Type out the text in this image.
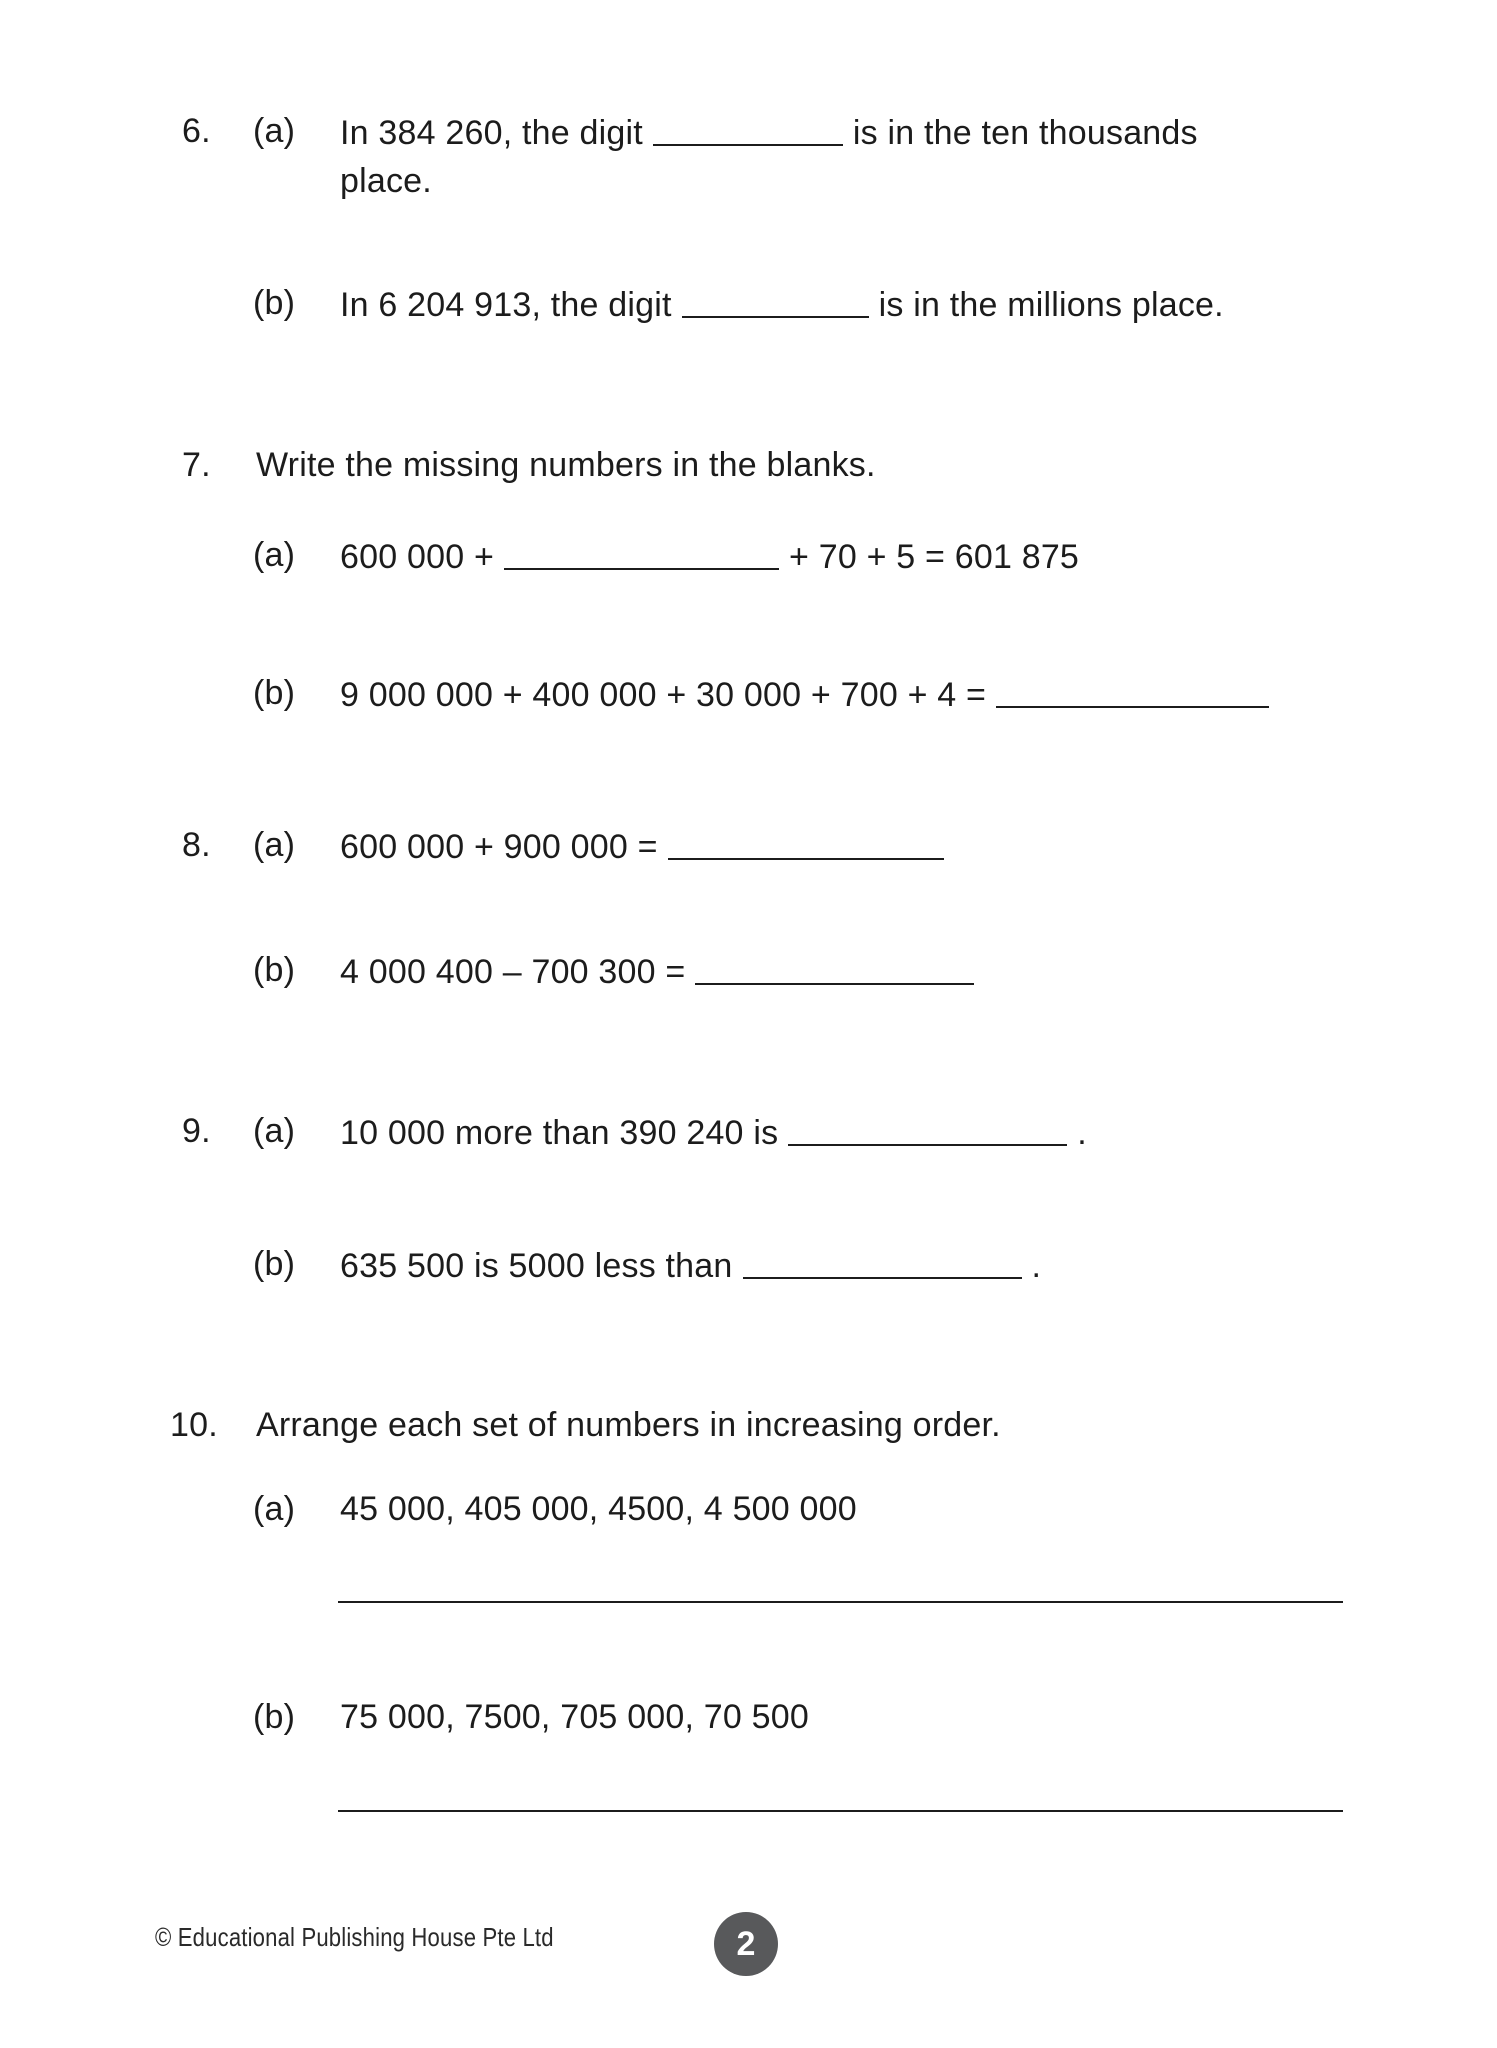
6. (a) In 384 260, the digit	is in the ten thousands
place.
(b) In 6 204 913, the digit	is in the millions place.
7. Write the missing numbers in the blanks.
(a) 600 000 +	+ 70 + 5 = 601 875
(b) 9 000 000 + 400 000 + 30 000 + 700 + 4 =
8. (a) 600 000 + 900 000 =
(b) 4 000 400 – 700 300 =
9. (a) 10 000 more than 390 240 is	.
(b) 635 500 is 5000 less than	.
10. Arrange each set of numbers in increasing order.
(a) 45 000, 405 000, 4500, 4 500 000
(b) 75 000, 7500, 705 000, 70 500
© Educational Publishing House Pte Ltd	2
